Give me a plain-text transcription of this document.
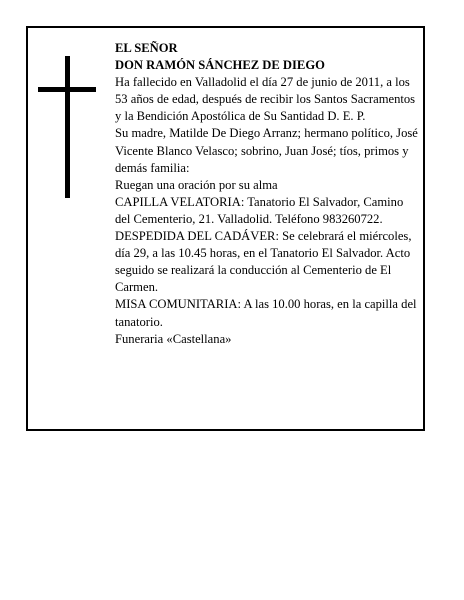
EL SEÑOR

DON RAMÓN SÁNCHEZ DE DIEGO

Ha fallecido en Valladolid el día 27 de junio de 2011, a los 53 años de edad, después de recibir los Santos Sacramentos y la Bendición Apostólica de Su Santidad D. E. P.

Su madre, Matilde De Diego Arranz; hermano político, José Vicente Blanco Velasco; sobrino, Juan José; tíos, primos y demás familia:

Ruegan una oración por su alma

CAPILLA VELATORIA: Tanatorio El Salvador, Camino del Cementerio, 21. Valladolid. Teléfono 983260722.

DESPEDIDA DEL CADÁVER: Se celebrará el miércoles, día 29, a las 10.45 horas, en el Tanatorio El Salvador. Acto seguido se realizará la conducción al Cementerio de El Carmen.

MISA COMUNITARIA: A las 10.00 horas, en la capilla del tanatorio.

Funeraria «Castellana»
